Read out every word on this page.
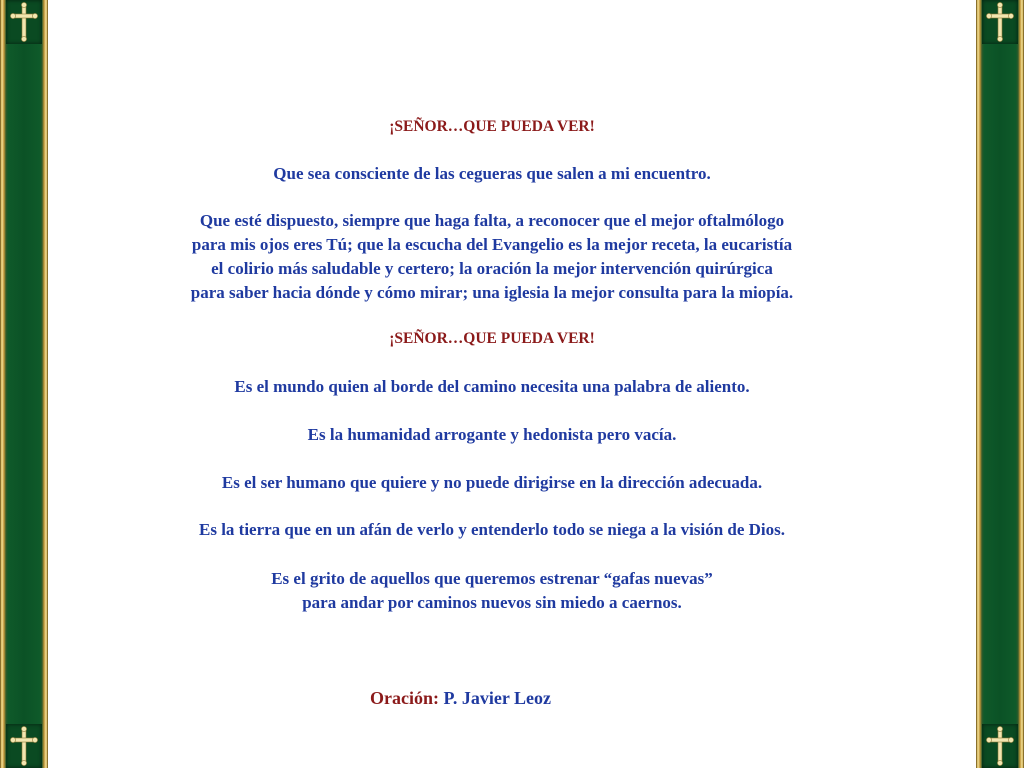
¡SEÑOR…QUE PUEDA VER!
Que sea consciente de las cegueras que salen a mi encuentro.
Que esté dispuesto, siempre que haga falta, a reconocer que el mejor oftalmólogo
para mis ojos eres Tú; que la escucha del Evangelio es la mejor receta, la eucaristía
el colirio más saludable y certero; la oración la mejor intervención quirúrgica
para saber hacia dónde y cómo mirar; una iglesia la mejor consulta para la miopía.
¡SEÑOR…QUE PUEDA VER!
Es el mundo quien al borde del camino necesita una palabra de aliento.
Es la humanidad arrogante y hedonista pero vacía.
Es el ser humano que quiere y no puede dirigirse en la dirección adecuada.
Es la tierra que en un afán de verlo y entenderlo todo se niega a la visión de Dios.
Es el grito de aquellos que queremos estrenar “gafas nuevas”
para andar por caminos nuevos sin miedo a caernos.
Oración: P. Javier Leoz
